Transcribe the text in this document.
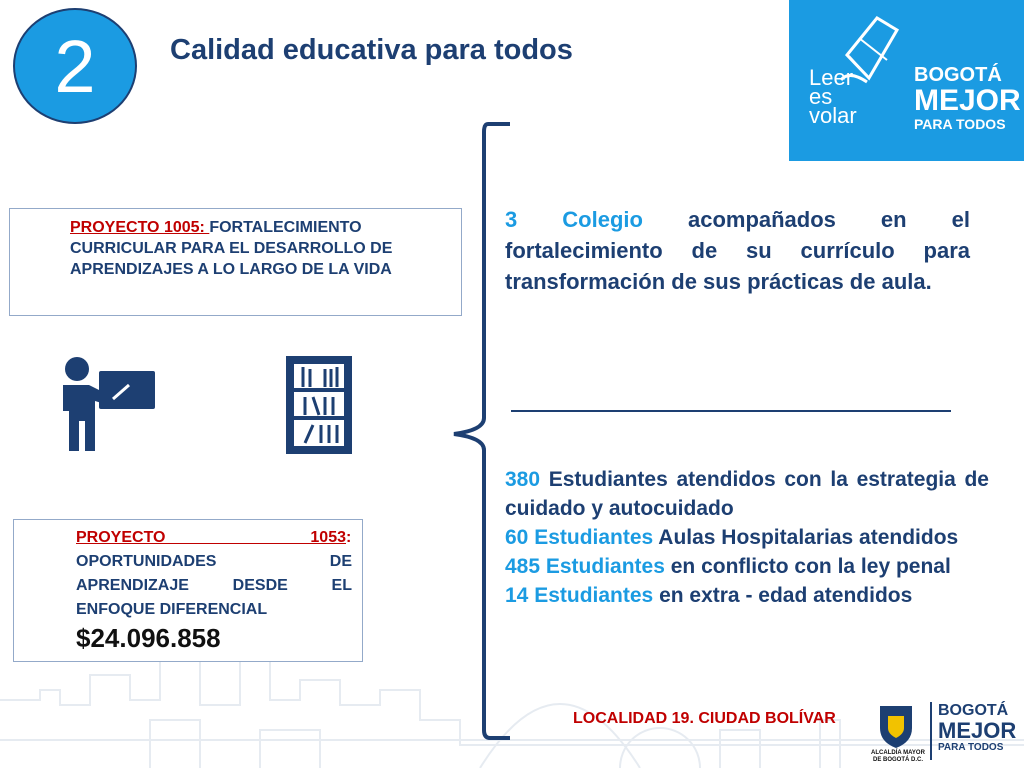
2	Calidad educativa para todos
Leer
es
volar
BOGOTÁ
MEJOR
PARA TODOS
PROYECTO 1005: FORTALECIMIENTO CURRICULAR PARA EL DESARROLLO DE APRENDIZAJES A LO LARGO DE LA VIDA
PROYECTO 1053:
OPORTUNIDADES DE APRENDIZAJE DESDE EL ENFOQUE DIFERENCIAL
$24.096.858
3 Colegio acompañados en el fortalecimiento de su currículo para transformación de sus prácticas de aula.

380 Estudiantes atendidos con la estrategia de cuidado y autocuidado

60 Estudiantes Aulas Hospitalarias atendidos

485 Estudiantes en conflicto con la ley penal

14 Estudiantes en extra - edad atendidos

LOCALIDAD 19. CIUDAD BOLÍVAR
ALCALDÍA MAYOR
DE BOGOTÁ D.C.
BOGOTÁ
MEJOR
PARA TODOS
